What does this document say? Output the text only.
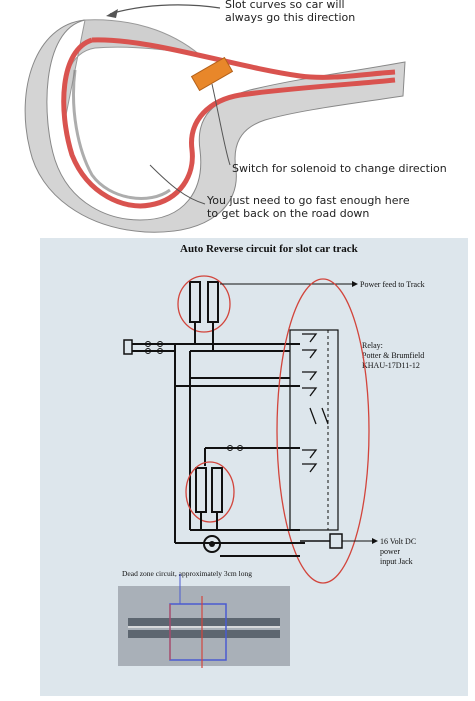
Slot curves so car will
always go this direction
Switch for solenoid to change direction
You just need to go fast enough here
to get back on the road down
Auto Reverse circuit for slot car track
Power feed to Track
Relay:
Potter & Brumfield
KHAU-17D11-12
16 Volt DC
power
input Jack
Dead zone circuit, approximately 3cm long
